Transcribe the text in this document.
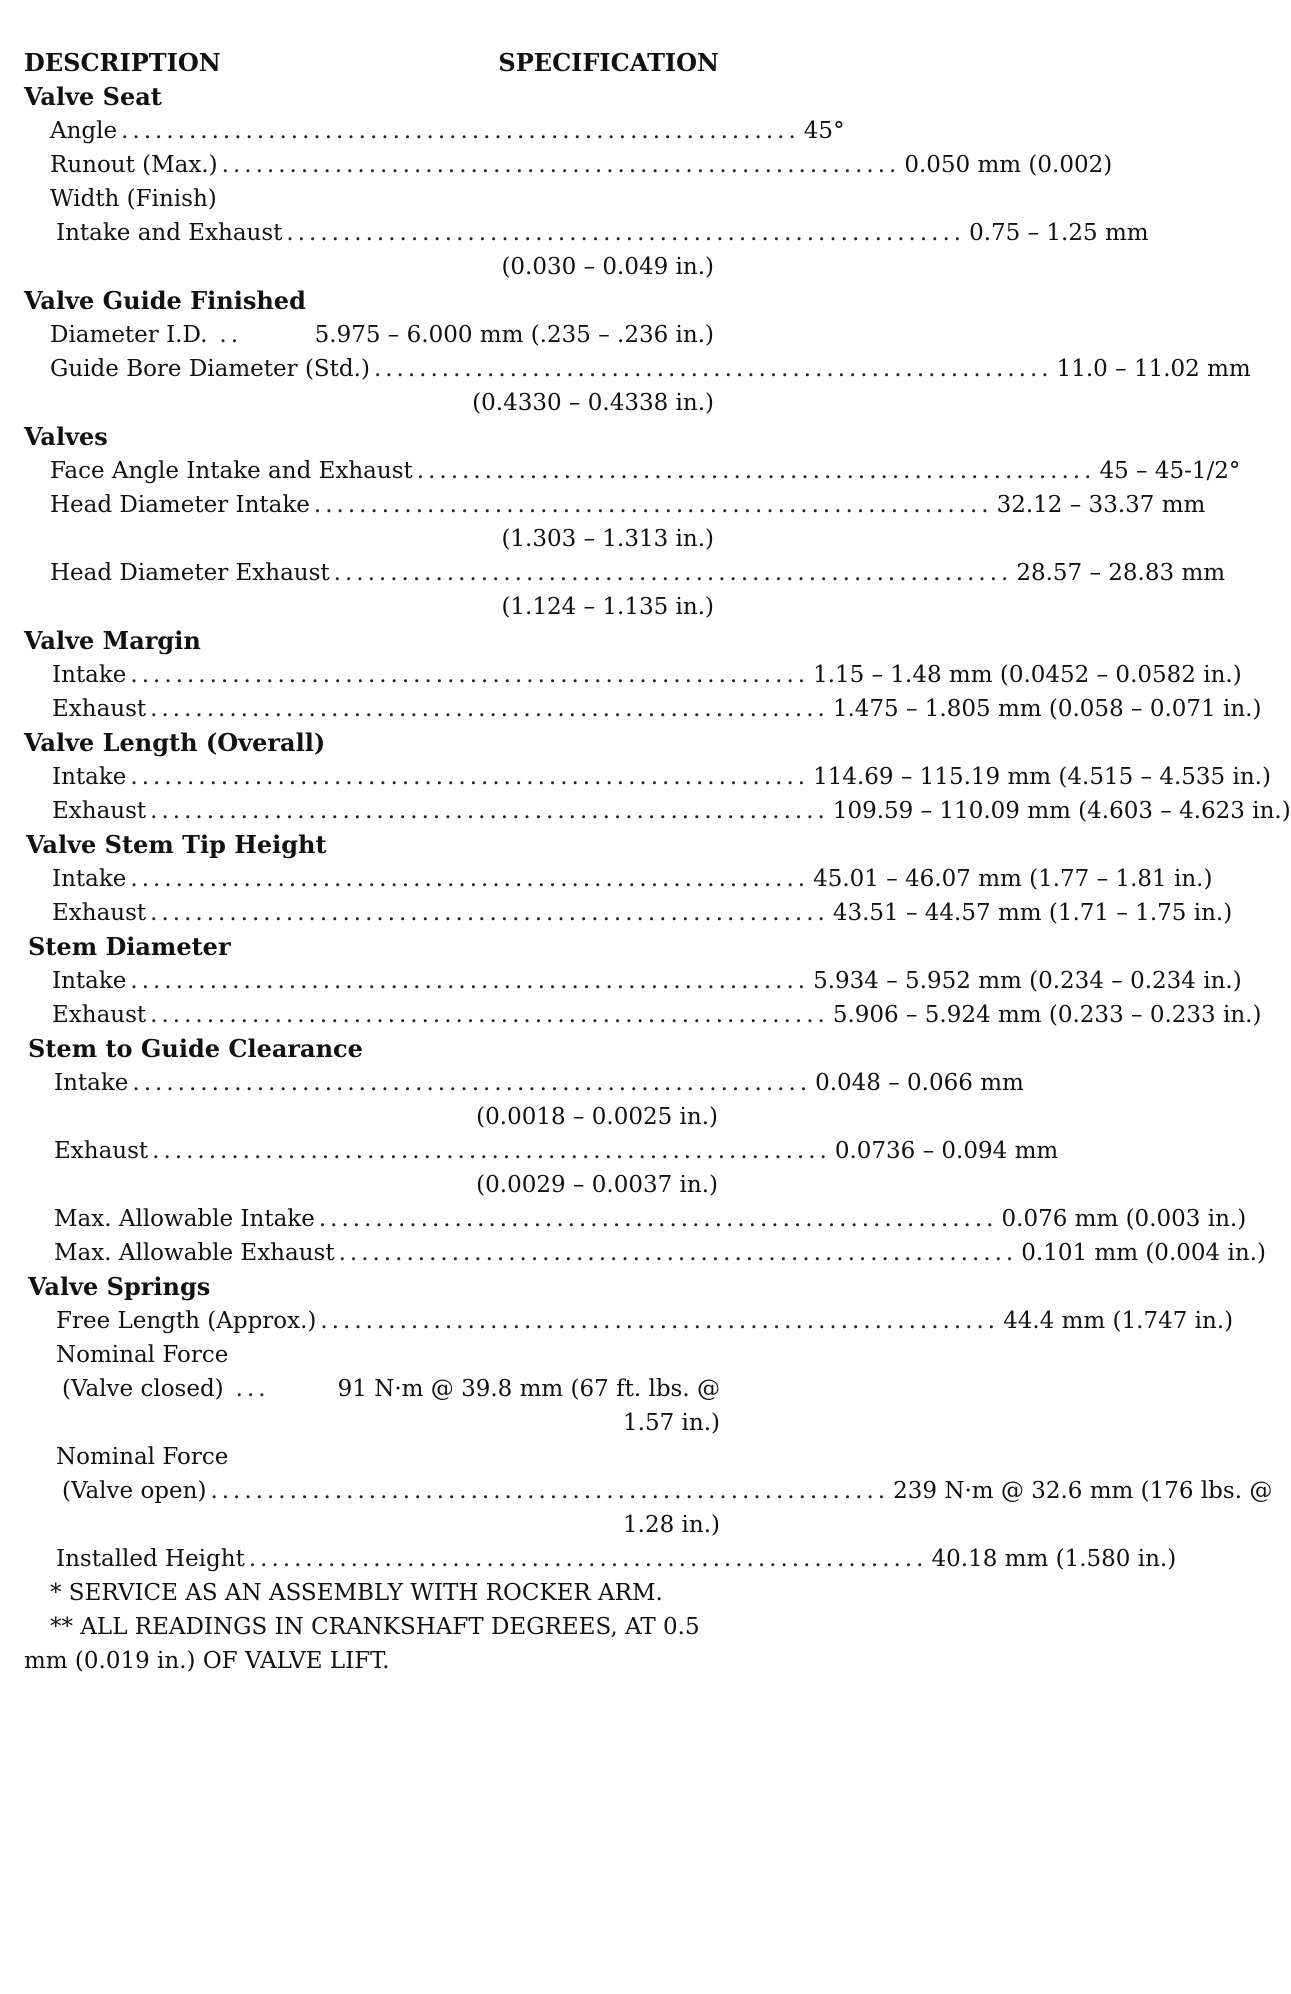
DESCRIPTION	SPECIFICATION
Valve Seat
Angle ............................................................ 45°
Runout (Max.) ............................................................ 0.050 mm (0.002)
Width (Finish)
Intake and Exhaust ............................................................ 0.75 – 1.25 mm
(0.030 – 0.049 in.)
Valve Guide Finished
Diameter I.D. ..	5.975 – 6.000 mm (.235 – .236 in.)
Guide Bore Diameter (Std.) ............................................................ 11.0 – 11.02 mm
(0.4330 – 0.4338 in.)
Valves
Face Angle Intake and Exhaust ............................................................ 45 – 45-1/2°
Head Diameter Intake ............................................................ 32.12 – 33.37 mm
(1.303 – 1.313 in.)
Head Diameter Exhaust ............................................................ 28.57 – 28.83 mm
(1.124 – 1.135 in.)
Valve Margin
Intake ............................................................ 1.15 – 1.48 mm (0.0452 – 0.0582 in.)
Exhaust ............................................................ 1.475 – 1.805 mm (0.058 – 0.071 in.)
Valve Length (Overall)
Intake ............................................................ 114.69 – 115.19 mm (4.515 – 4.535 in.)
Exhaust ............................................................ 109.59 – 110.09 mm (4.603 – 4.623 in.)
Valve Stem Tip Height
Intake ............................................................ 45.01 – 46.07 mm (1.77 – 1.81 in.)
Exhaust ............................................................ 43.51 – 44.57 mm (1.71 – 1.75 in.)
Stem Diameter
Intake ............................................................ 5.934 – 5.952 mm (0.234 – 0.234 in.)
Exhaust ............................................................ 5.906 – 5.924 mm (0.233 – 0.233 in.)
Stem to Guide Clearance
Intake ............................................................ 0.048 – 0.066 mm
(0.0018 – 0.0025 in.)
Exhaust ............................................................ 0.0736 – 0.094 mm
(0.0029 – 0.0037 in.)
Max. Allowable Intake ............................................................ 0.076 mm (0.003 in.)
Max. Allowable Exhaust ............................................................ 0.101 mm (0.004 in.)
Valve Springs
Free Length (Approx.) ............................................................ 44.4 mm (1.747 in.)
Nominal Force
(Valve closed) ...	91 N·m @ 39.8 mm (67 ft. lbs. @
1.57 in.)
Nominal Force
(Valve open) ............................................................ 239 N·m @ 32.6 mm (176 lbs. @
1.28 in.)
Installed Height ............................................................ 40.18 mm (1.580 in.)
* SERVICE AS AN ASSEMBLY WITH ROCKER ARM.
** ALL READINGS IN CRANKSHAFT DEGREES, AT 0.5 mm (0.019 in.) OF VALVE LIFT.
